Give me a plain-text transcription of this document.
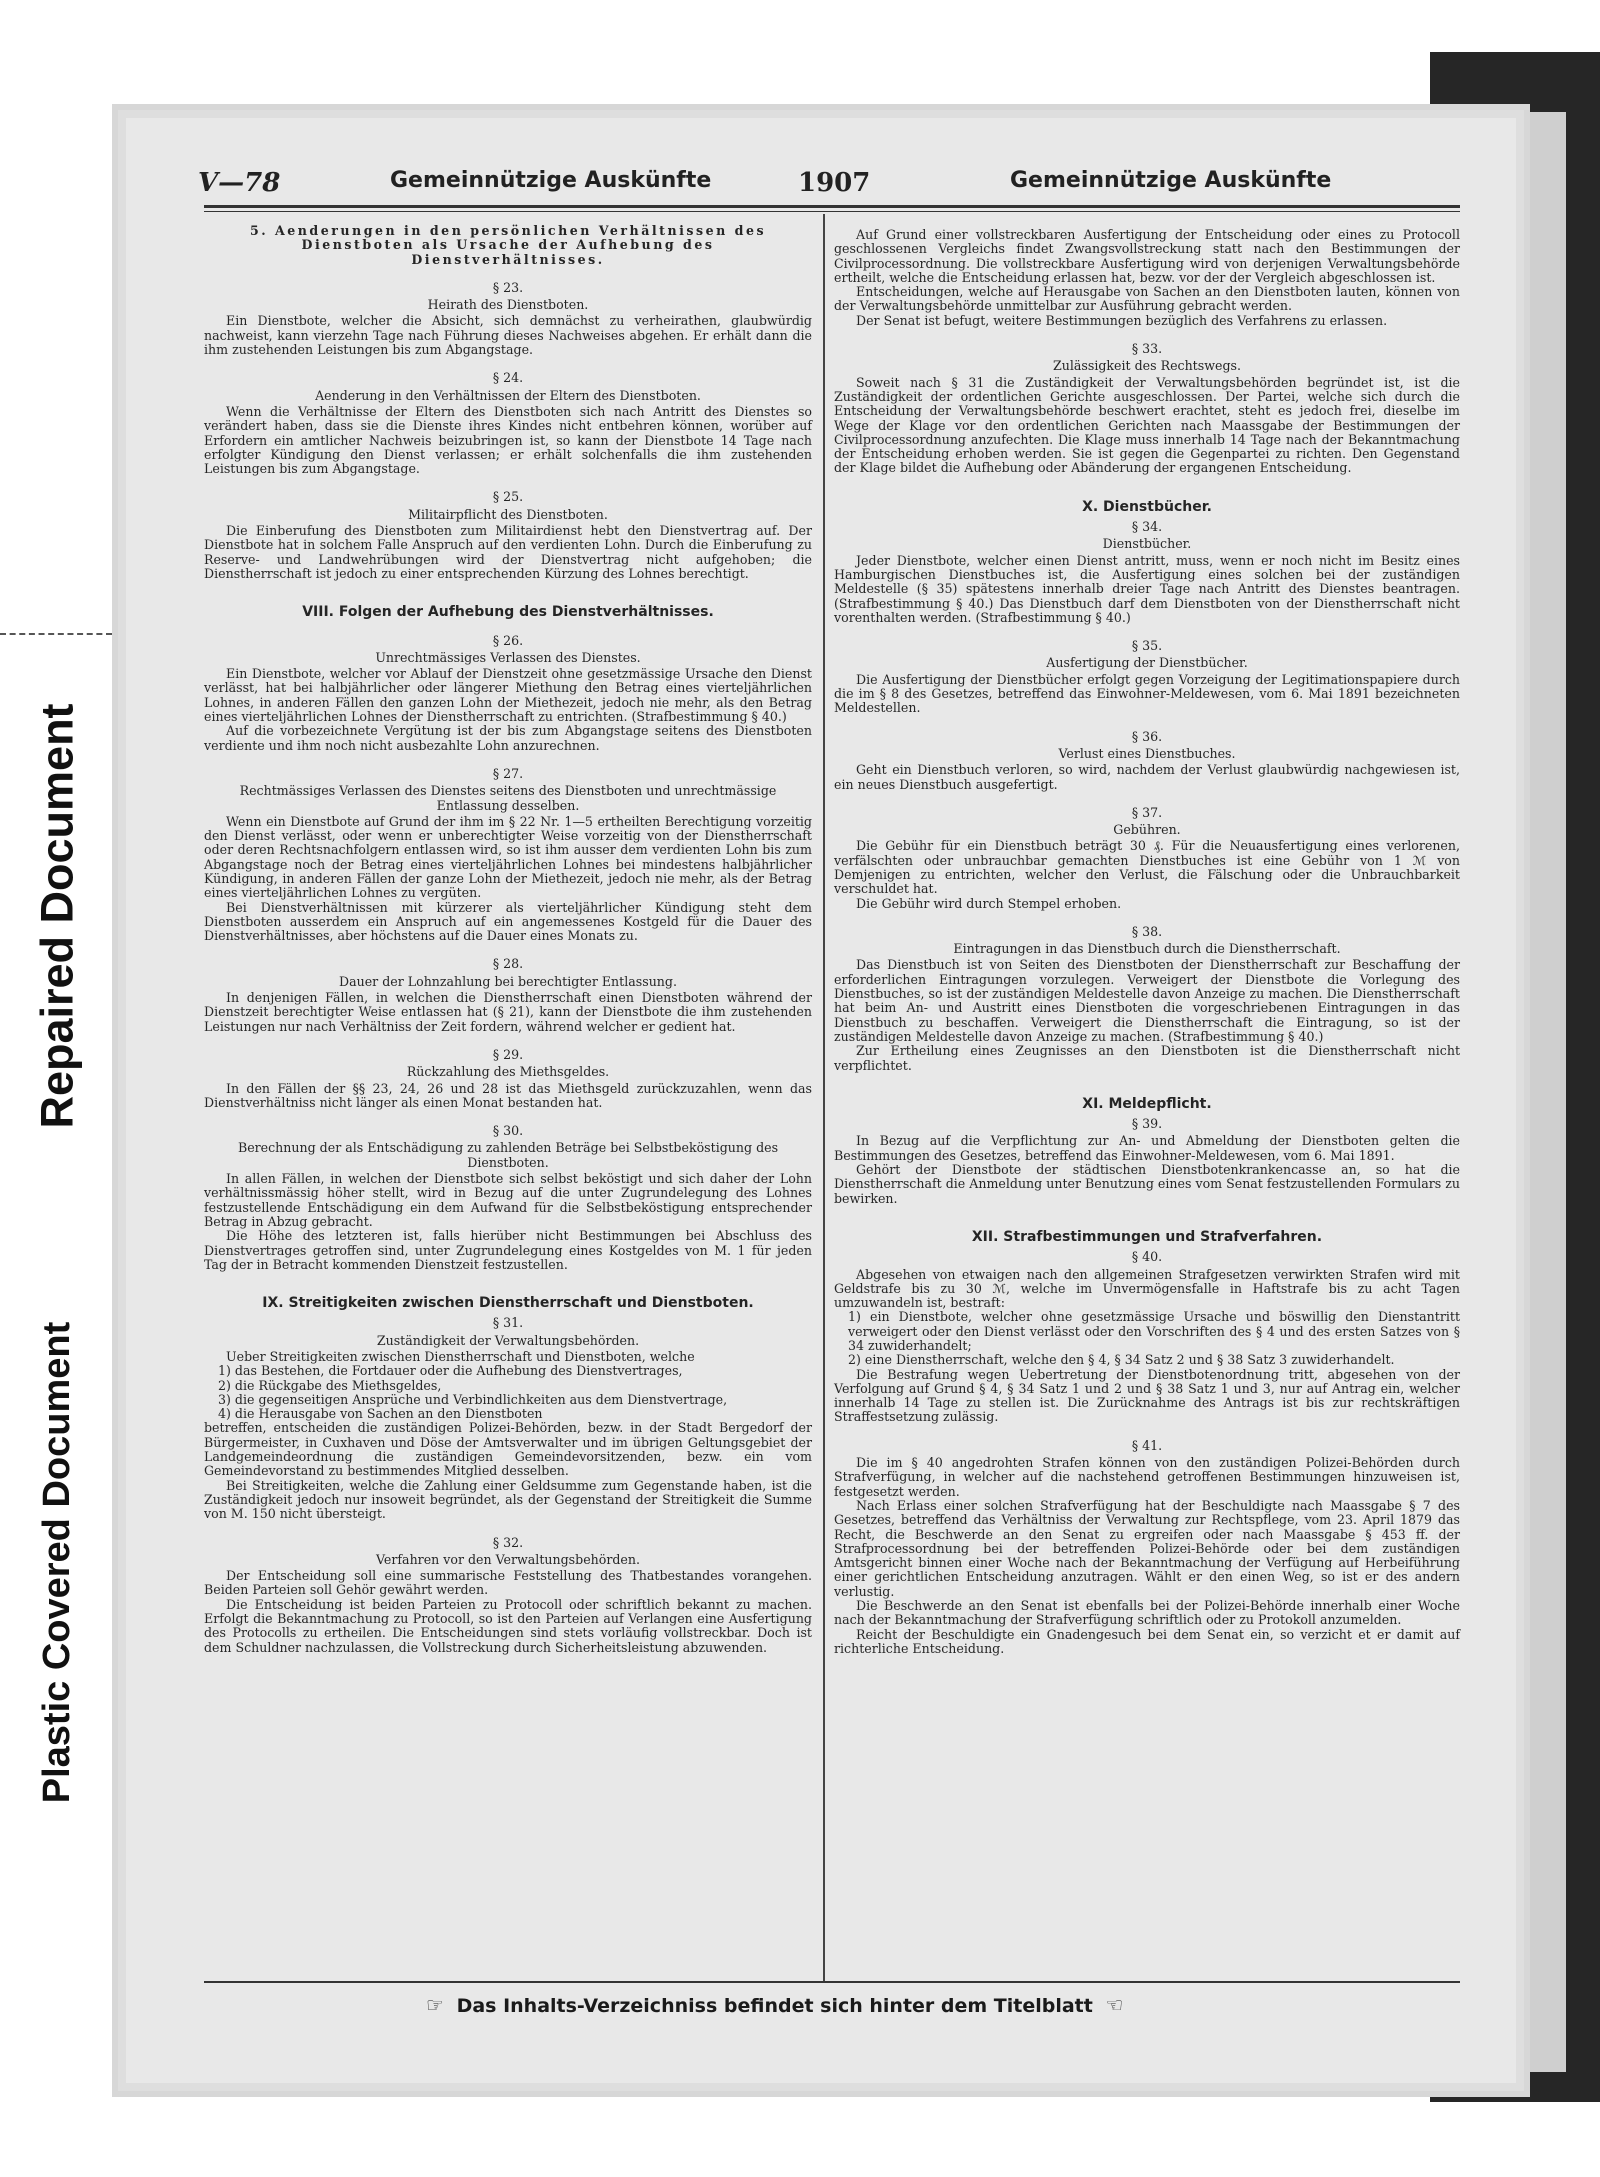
Repaired Document
Plastic Covered Document
V—78	Gemeinnützige Auskünfte	1907	Gemeinnützige Auskünfte

5. Aenderungen in den persönlichen Verhältnissen des Dienstboten als Ursache der Aufhebung des Dienstverhältnisses.

§ 23.

Heirath des Dienstboten.

Ein Dienstbote, welcher die Absicht, sich demnächst zu verheirathen, glaubwürdig nachweist, kann vierzehn Tage nach Führung dieses Nachweises abgehen. Er erhält dann die ihm zustehenden Leistungen bis zum Abgangstage.

§ 24.

Aenderung in den Verhältnissen der Eltern des Dienstboten.

Wenn die Verhältnisse der Eltern des Dienstboten sich nach Antritt des Dienstes so verändert haben, dass sie die Dienste ihres Kindes nicht entbehren können, worüber auf Erfordern ein amtlicher Nachweis beizubringen ist, so kann der Dienstbote 14 Tage nach erfolgter Kündigung den Dienst verlassen; er erhält solchenfalls die ihm zustehenden Leistungen bis zum Abgangstage.

§ 25.

Militairpflicht des Dienstboten.

Die Einberufung des Dienstboten zum Militairdienst hebt den Dienstvertrag auf. Der Dienstbote hat in solchem Falle Anspruch auf den verdienten Lohn. Durch die Einberufung zu Reserve- und Landwehrübungen wird der Dienstvertrag nicht aufgehoben; die Dienstherrschaft ist jedoch zu einer entsprechenden Kürzung des Lohnes berechtigt.

VIII. Folgen der Aufhebung des Dienstverhältnisses.

§ 26.

Unrechtmässiges Verlassen des Dienstes.

Ein Dienstbote, welcher vor Ablauf der Dienstzeit ohne gesetzmässige Ursache den Dienst verlässt, hat bei halbjährlicher oder längerer Miethung den Betrag eines vierteljährlichen Lohnes, in anderen Fällen den ganzen Lohn der Miethezeit, jedoch nie mehr, als den Betrag eines vierteljährlichen Lohnes der Dienstherrschaft zu entrichten. (Strafbestimmung § 40.)

Auf die vorbezeichnete Vergütung ist der bis zum Abgangstage seitens des Dienstboten verdiente und ihm noch nicht ausbezahlte Lohn anzurechnen.

§ 27.

Rechtmässiges Verlassen des Dienstes seitens des Dienstboten und unrechtmässige Entlassung desselben.

Wenn ein Dienstbote auf Grund der ihm im § 22 Nr. 1—5 ertheilten Berechtigung vorzeitig den Dienst verlässt, oder wenn er unberechtigter Weise vorzeitig von der Dienstherrschaft oder deren Rechtsnachfolgern entlassen wird, so ist ihm ausser dem verdienten Lohn bis zum Abgangstage noch der Betrag eines vierteljährlichen Lohnes bei mindestens halbjährlicher Kündigung, in anderen Fällen der ganze Lohn der Miethezeit, jedoch nie mehr, als der Betrag eines vierteljährlichen Lohnes zu vergüten.

Bei Dienstverhältnissen mit kürzerer als vierteljährlicher Kündigung steht dem Dienstboten ausserdem ein Anspruch auf ein angemessenes Kostgeld für die Dauer des Dienstverhältnisses, aber höchstens auf die Dauer eines Monats zu.

§ 28.

Dauer der Lohnzahlung bei berechtigter Entlassung.

In denjenigen Fällen, in welchen die Dienstherrschaft einen Dienstboten während der Dienstzeit berechtigter Weise entlassen hat (§ 21), kann der Dienstbote die ihm zustehenden Leistungen nur nach Verhältniss der Zeit fordern, während welcher er gedient hat.

§ 29.

Rückzahlung des Miethsgeldes.

In den Fällen der §§ 23, 24, 26 und 28 ist das Miethsgeld zurückzuzahlen, wenn das Dienstverhältniss nicht länger als einen Monat bestanden hat.

§ 30.

Berechnung der als Entschädigung zu zahlenden Beträge bei Selbstbeköstigung des Dienstboten.

In allen Fällen, in welchen der Dienstbote sich selbst beköstigt und sich daher der Lohn verhältnissmässig höher stellt, wird in Bezug auf die unter Zugrundelegung des Lohnes festzustellende Entschädigung ein dem Aufwand für die Selbstbeköstigung entsprechender Betrag in Abzug gebracht.

Die Höhe des letzteren ist, falls hierüber nicht Bestimmungen bei Abschluss des Dienstvertrages getroffen sind, unter Zugrundelegung eines Kostgeldes von M. 1 für jeden Tag der in Betracht kommenden Dienstzeit festzustellen.

IX. Streitigkeiten zwischen Dienstherrschaft und Dienstboten.

§ 31.

Zuständigkeit der Verwaltungsbehörden.

Ueber Streitigkeiten zwischen Dienstherrschaft und Dienstboten, welche

1) das Bestehen, die Fortdauer oder die Aufhebung des Dienstvertrages,

2) die Rückgabe des Miethsgeldes,

3) die gegenseitigen Ansprüche und Verbindlichkeiten aus dem Dienstvertrage,

4) die Herausgabe von Sachen an den Dienstboten

betreffen, entscheiden die zuständigen Polizei-Behörden, bezw. in der Stadt Bergedorf der Bürgermeister, in Cuxhaven und Döse der Amtsverwalter und im übrigen Geltungsgebiet der Landgemeindeordnung die zuständigen Gemeindevorsitzenden, bezw. ein vom Gemeindevorstand zu bestimmendes Mitglied desselben.

Bei Streitigkeiten, welche die Zahlung einer Geldsumme zum Gegenstande haben, ist die Zuständigkeit jedoch nur insoweit begründet, als der Gegenstand der Streitigkeit die Summe von M. 150 nicht übersteigt.

§ 32.

Verfahren vor den Verwaltungsbehörden.

Der Entscheidung soll eine summarische Feststellung des Thatbestandes vorangehen. Beiden Parteien soll Gehör gewährt werden.

Die Entscheidung ist beiden Parteien zu Protocoll oder schriftlich bekannt zu machen. Erfolgt die Bekanntmachung zu Protocoll, so ist den Parteien auf Verlangen eine Ausfertigung des Protocolls zu ertheilen. Die Entscheidungen sind stets vorläufig vollstreckbar. Doch ist dem Schuldner nachzulassen, die Vollstreckung durch Sicherheitsleistung abzuwenden.

Auf Grund einer vollstreckbaren Ausfertigung der Entscheidung oder eines zu Protocoll geschlossenen Vergleichs findet Zwangsvollstreckung statt nach den Bestimmungen der Civilprocessordnung. Die vollstreckbare Ausfertigung wird von derjenigen Verwaltungsbehörde ertheilt, welche die Entscheidung erlassen hat, bezw. vor der der Vergleich abgeschlossen ist.

Entscheidungen, welche auf Herausgabe von Sachen an den Dienstboten lauten, können von der Verwaltungsbehörde unmittelbar zur Ausführung gebracht werden.

Der Senat ist befugt, weitere Bestimmungen bezüglich des Verfahrens zu erlassen.

§ 33.

Zulässigkeit des Rechtswegs.

Soweit nach § 31 die Zuständigkeit der Verwaltungsbehörden begründet ist, ist die Zuständigkeit der ordentlichen Gerichte ausgeschlossen. Der Partei, welche sich durch die Entscheidung der Verwaltungsbehörde beschwert erachtet, steht es jedoch frei, dieselbe im Wege der Klage vor den ordentlichen Gerichten nach Maassgabe der Bestimmungen der Civilprocessordnung anzufechten. Die Klage muss innerhalb 14 Tage nach der Bekanntmachung der Entscheidung erhoben werden. Sie ist gegen die Gegenpartei zu richten. Den Gegenstand der Klage bildet die Aufhebung oder Abänderung der ergangenen Entscheidung.

X. Dienstbücher.

§ 34.

Dienstbücher.

Jeder Dienstbote, welcher einen Dienst antritt, muss, wenn er noch nicht im Besitz eines Hamburgischen Dienstbuches ist, die Ausfertigung eines solchen bei der zuständigen Meldestelle (§ 35) spätestens innerhalb dreier Tage nach Antritt des Dienstes beantragen. (Strafbestimmung § 40.) Das Dienstbuch darf dem Dienstboten von der Dienstherrschaft nicht vorenthalten werden. (Strafbestimmung § 40.)

§ 35.

Ausfertigung der Dienstbücher.

Die Ausfertigung der Dienstbücher erfolgt gegen Vorzeigung der Legitimationspapiere durch die im § 8 des Gesetzes, betreffend das Einwohner-Meldewesen, vom 6. Mai 1891 bezeichneten Meldestellen.

§ 36.

Verlust eines Dienstbuches.

Geht ein Dienstbuch verloren, so wird, nachdem der Verlust glaubwürdig nachgewiesen ist, ein neues Dienstbuch ausgefertigt.

§ 37.

Gebühren.

Die Gebühr für ein Dienstbuch beträgt 30 ₰. Für die Neuausfertigung eines verlorenen, verfälschten oder unbrauchbar gemachten Dienstbuches ist eine Gebühr von 1 ℳ von Demjenigen zu entrichten, welcher den Verlust, die Fälschung oder die Unbrauchbarkeit verschuldet hat.

Die Gebühr wird durch Stempel erhoben.

§ 38.

Eintragungen in das Dienstbuch durch die Dienstherrschaft.

Das Dienstbuch ist von Seiten des Dienstboten der Dienstherrschaft zur Beschaffung der erforderlichen Eintragungen vorzulegen. Verweigert der Dienstbote die Vorlegung des Dienstbuches, so ist der zuständigen Meldestelle davon Anzeige zu machen. Die Dienstherrschaft hat beim An- und Austritt eines Dienstboten die vorgeschriebenen Eintragungen in das Dienstbuch zu beschaffen. Verweigert die Dienstherrschaft die Eintragung, so ist der zuständigen Meldestelle davon Anzeige zu machen. (Strafbestimmung § 40.)

Zur Ertheilung eines Zeugnisses an den Dienstboten ist die Dienstherrschaft nicht verpflichtet.

XI. Meldepflicht.

§ 39.

In Bezug auf die Verpflichtung zur An- und Abmeldung der Dienstboten gelten die Bestimmungen des Gesetzes, betreffend das Einwohner-Meldewesen, vom 6. Mai 1891.

Gehört der Dienstbote der städtischen Dienstbotenkrankencasse an, so hat die Dienstherrschaft die Anmeldung unter Benutzung eines vom Senat festzustellenden Formulars zu bewirken.

XII. Strafbestimmungen und Strafverfahren.

§ 40.

Abgesehen von etwaigen nach den allgemeinen Strafgesetzen verwirkten Strafen wird mit Geldstrafe bis zu 30 ℳ, welche im Unvermögensfalle in Haftstrafe bis zu acht Tagen umzuwandeln ist, bestraft:

1) ein Dienstbote, welcher ohne gesetzmässige Ursache und böswillig den Dienstantritt verweigert oder den Dienst verlässt oder den Vorschriften des § 4 und des ersten Satzes von § 34 zuwiderhandelt;

2) eine Dienstherrschaft, welche den § 4, § 34 Satz 2 und § 38 Satz 3 zuwiderhandelt.

Die Bestrafung wegen Uebertretung der Dienstbotenordnung tritt, abgesehen von der Verfolgung auf Grund § 4, § 34 Satz 1 und 2 und § 38 Satz 1 und 3, nur auf Antrag ein, welcher innerhalb 14 Tage zu stellen ist. Die Zurücknahme des Antrags ist bis zur rechtskräftigen Straffestsetzung zulässig.

§ 41.

Die im § 40 angedrohten Strafen können von den zuständigen Polizei-Behörden durch Strafverfügung, in welcher auf die nachstehend getroffenen Bestimmungen hinzuweisen ist, festgesetzt werden.

Nach Erlass einer solchen Strafverfügung hat der Beschuldigte nach Maassgabe § 7 des Gesetzes, betreffend das Verhältniss der Verwaltung zur Rechtspflege, vom 23. April 1879 das Recht, die Beschwerde an den Senat zu ergreifen oder nach Maassgabe § 453 ff. der Strafprocessordnung bei der betreffenden Polizei-Behörde oder bei dem zuständigen Amtsgericht binnen einer Woche nach der Bekanntmachung der Verfügung auf Herbeiführung einer gerichtlichen Entscheidung anzutragen. Wählt er den einen Weg, so ist er des andern verlustig.

Die Beschwerde an den Senat ist ebenfalls bei der Polizei-Behörde innerhalb einer Woche nach der Bekanntmachung der Strafverfügung schriftlich oder zu Protokoll anzumelden.

Reicht der Beschuldigte ein Gnadengesuch bei dem Senat ein, so verzicht et er damit auf richterliche Entscheidung.

☞ Das Inhalts-Verzeichniss befindet sich hinter dem Titelblatt ☜
